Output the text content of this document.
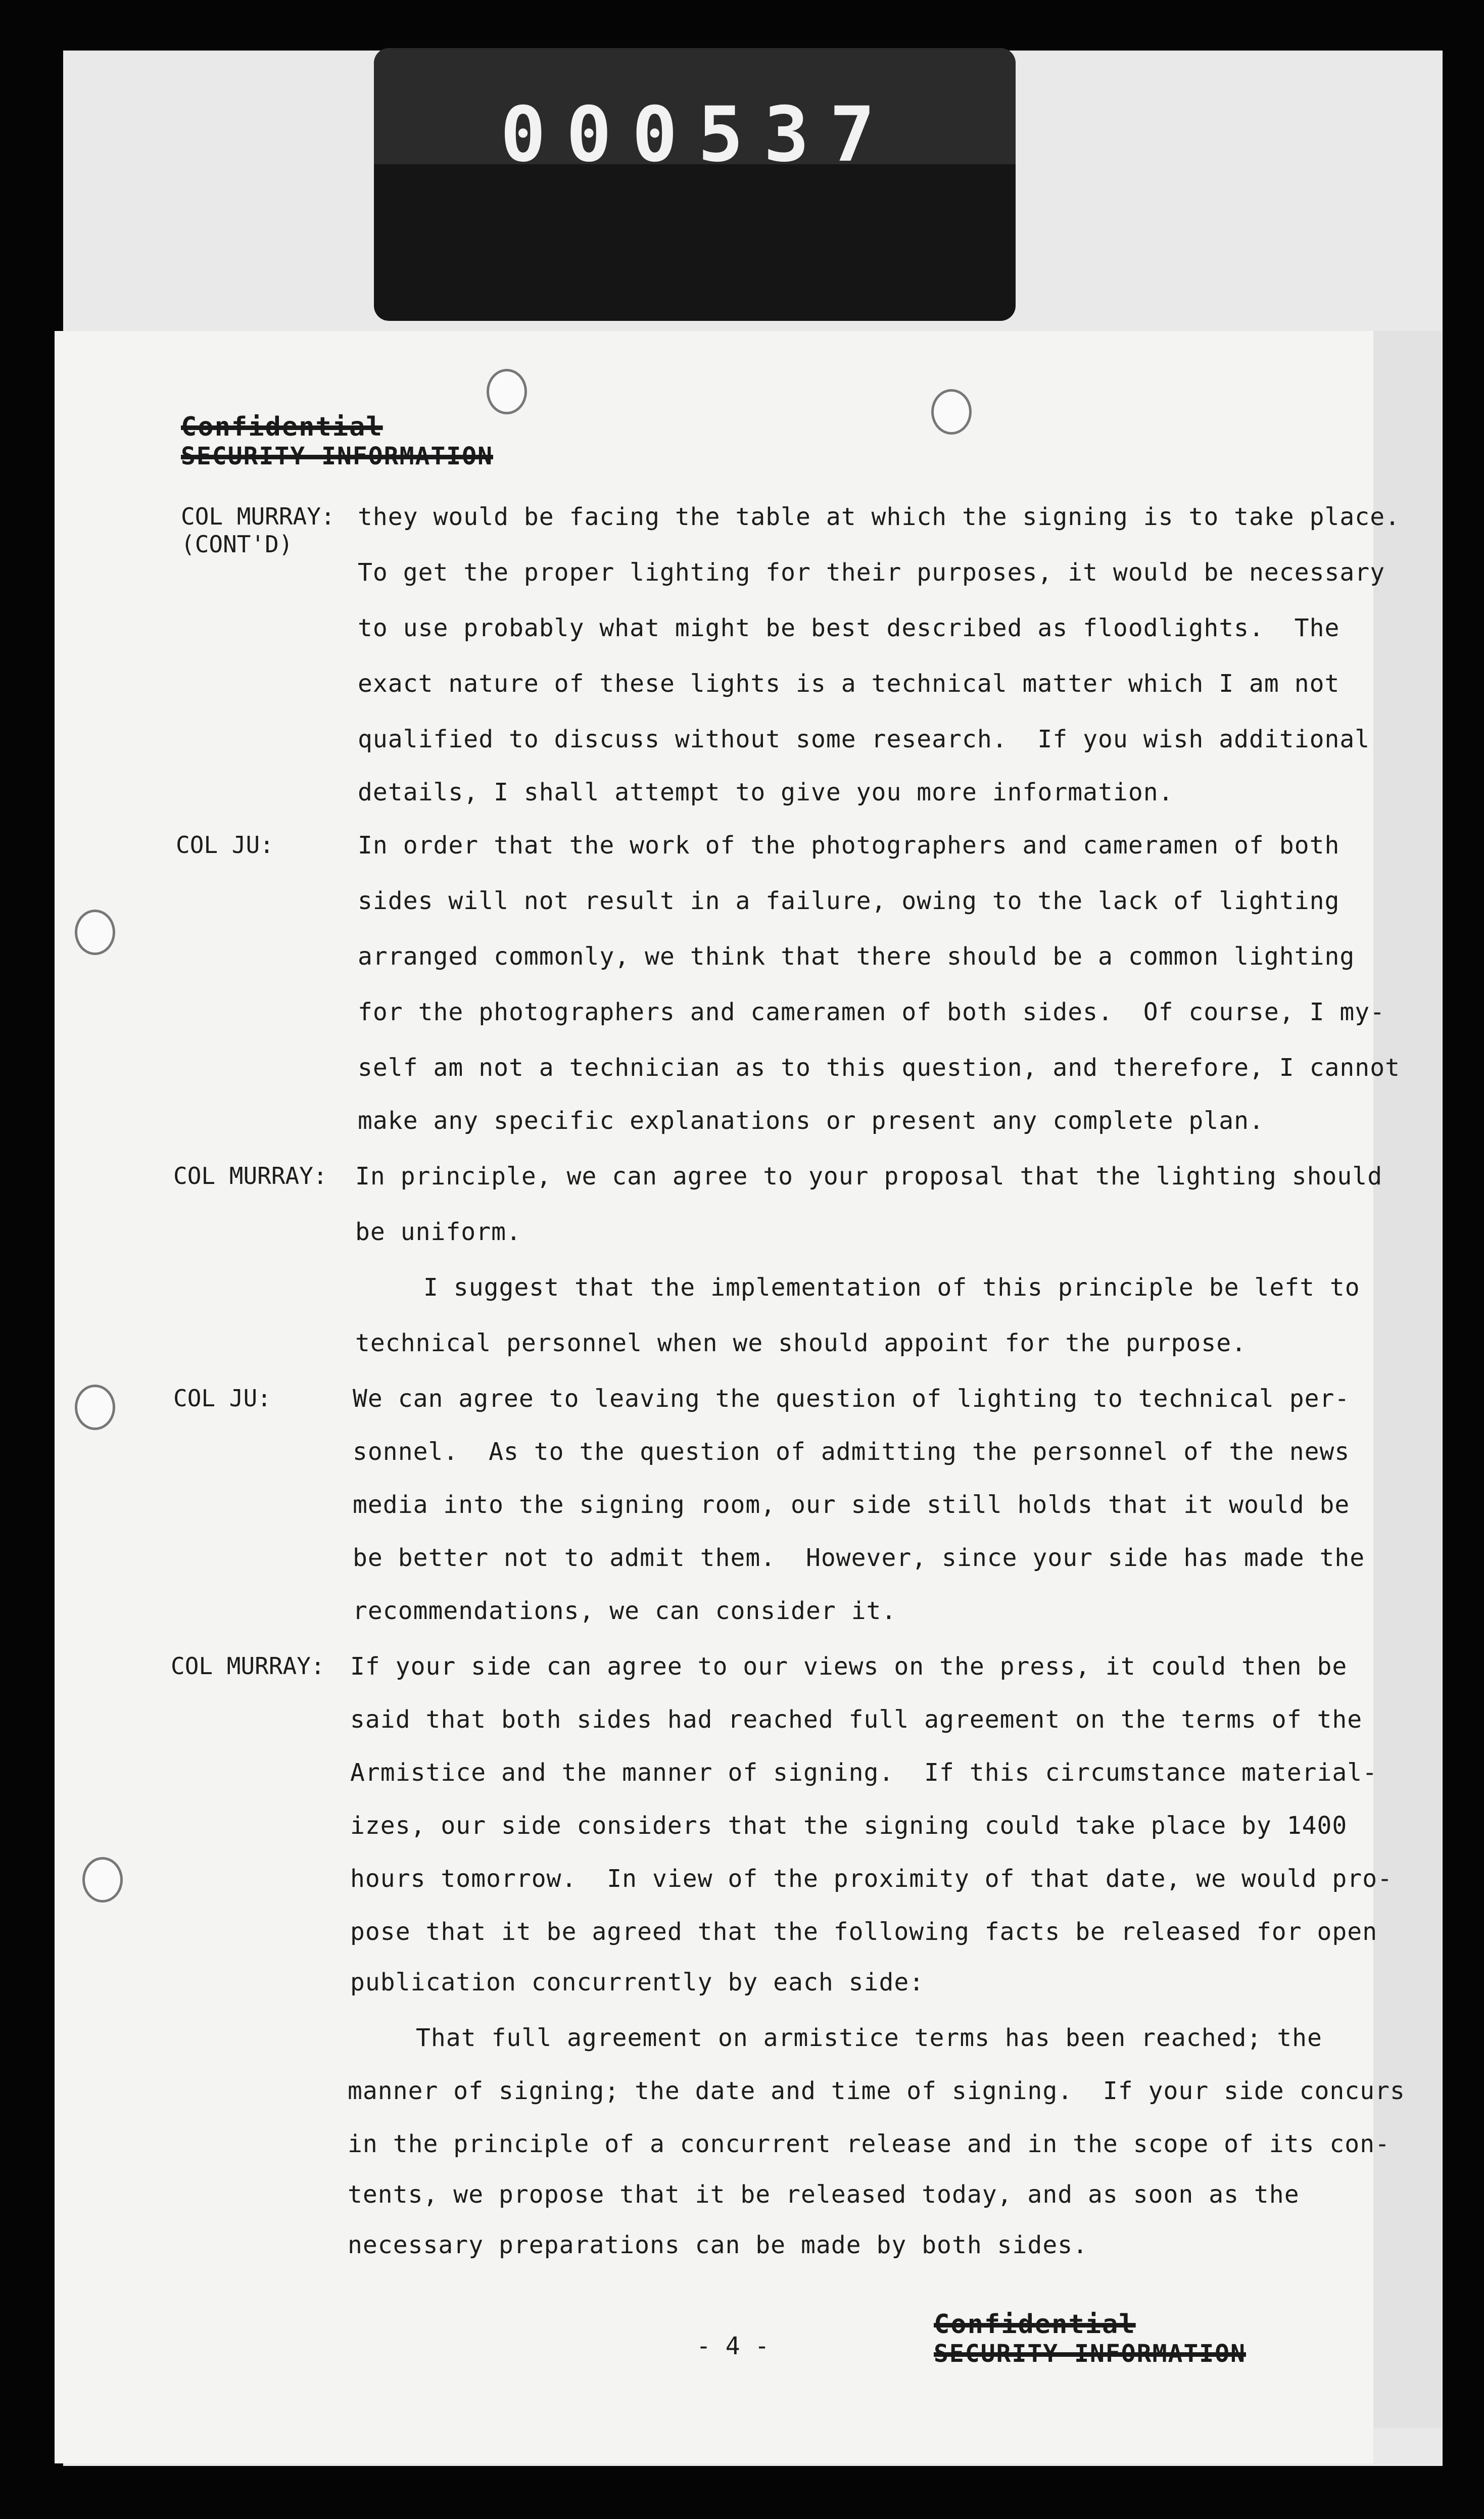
000537
Confidential
SECURITY INFORMATION
COL MURRAY:
(CONT'D)
COL JU:
COL MURRAY:
COL JU:
COL MURRAY:
they would be facing the table at which the signing is to take place.
To get the proper lighting for their purposes, it would be necessary
to use probably what might be best described as floodlights.  The
exact nature of these lights is a technical matter which I am not
qualified to discuss without some research.  If you wish additional
details, I shall attempt to give you more information.
In order that the work of the photographers and cameramen of both
sides will not result in a failure, owing to the lack of lighting
arranged commonly, we think that there should be a common lighting
for the photographers and cameramen of both sides.  Of course, I my-
self am not a technician as to this question, and therefore, I cannot
make any specific explanations or present any complete plan.
In principle, we can agree to your proposal that the lighting should
be uniform.
I suggest that the implementation of this principle be left to
technical personnel when we should appoint for the purpose.
We can agree to leaving the question of lighting to technical per-
sonnel.  As to the question of admitting the personnel of the news
media into the signing room, our side still holds that it would be
be better not to admit them.  However, since your side has made the
recommendations, we can consider it.
If your side can agree to our views on the press, it could then be
said that both sides had reached full agreement on the terms of the
Armistice and the manner of signing.  If this circumstance material-
izes, our side considers that the signing could take place by 1400
hours tomorrow.  In view of the proximity of that date, we would pro-
pose that it be agreed that the following facts be released for open
publication concurrently by each side:
That full agreement on armistice terms has been reached; the
manner of signing; the date and time of signing.  If your side concurs
in the principle of a concurrent release and in the scope of its con-
tents, we propose that it be released today, and as soon as the
necessary preparations can be made by both sides.
- 4 -
Confidential
SECURITY INFORMATION
